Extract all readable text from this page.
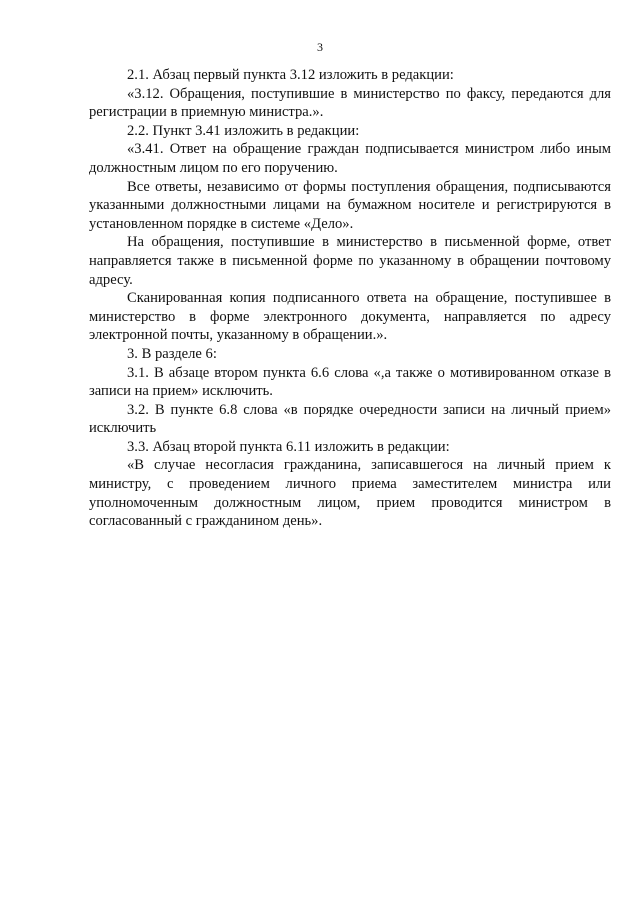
3

2.1. Абзац первый пункта 3.12 изложить в редакции:

«3.12. Обращения, поступившие в министерство по факсу, передаются для регистрации в приемную министра.».

2.2. Пункт 3.41 изложить в редакции:

«3.41. Ответ на обращение граждан подписывается министром либо иным должностным лицом по его поручению.

Все ответы, независимо от формы поступления обращения, подписываются указанными должностными лицами на бумажном носителе и регистрируются в установленном порядке в системе «Дело».

На обращения, поступившие в министерство в письменной форме, ответ направляется также в письменной форме по указанному в обращении почтовому адресу.

Сканированная копия подписанного ответа на обращение, поступившее в министерство в форме электронного документа, направляется по адресу электронной почты, указанному в обращении.».

3. В разделе 6:

3.1. В абзаце втором пункта 6.6 слова «,а также о мотивированном отказе в записи на прием» исключить.

3.2. В пункте 6.8 слова «в порядке очередности записи на личный прием» исключить

3.3. Абзац второй пункта 6.11 изложить в редакции:

«В случае несогласия гражданина, записавшегося на личный прием к министру, с проведением личного приема заместителем министра или уполномоченным должностным лицом, прием проводится министром в согласованный с гражданином день».
